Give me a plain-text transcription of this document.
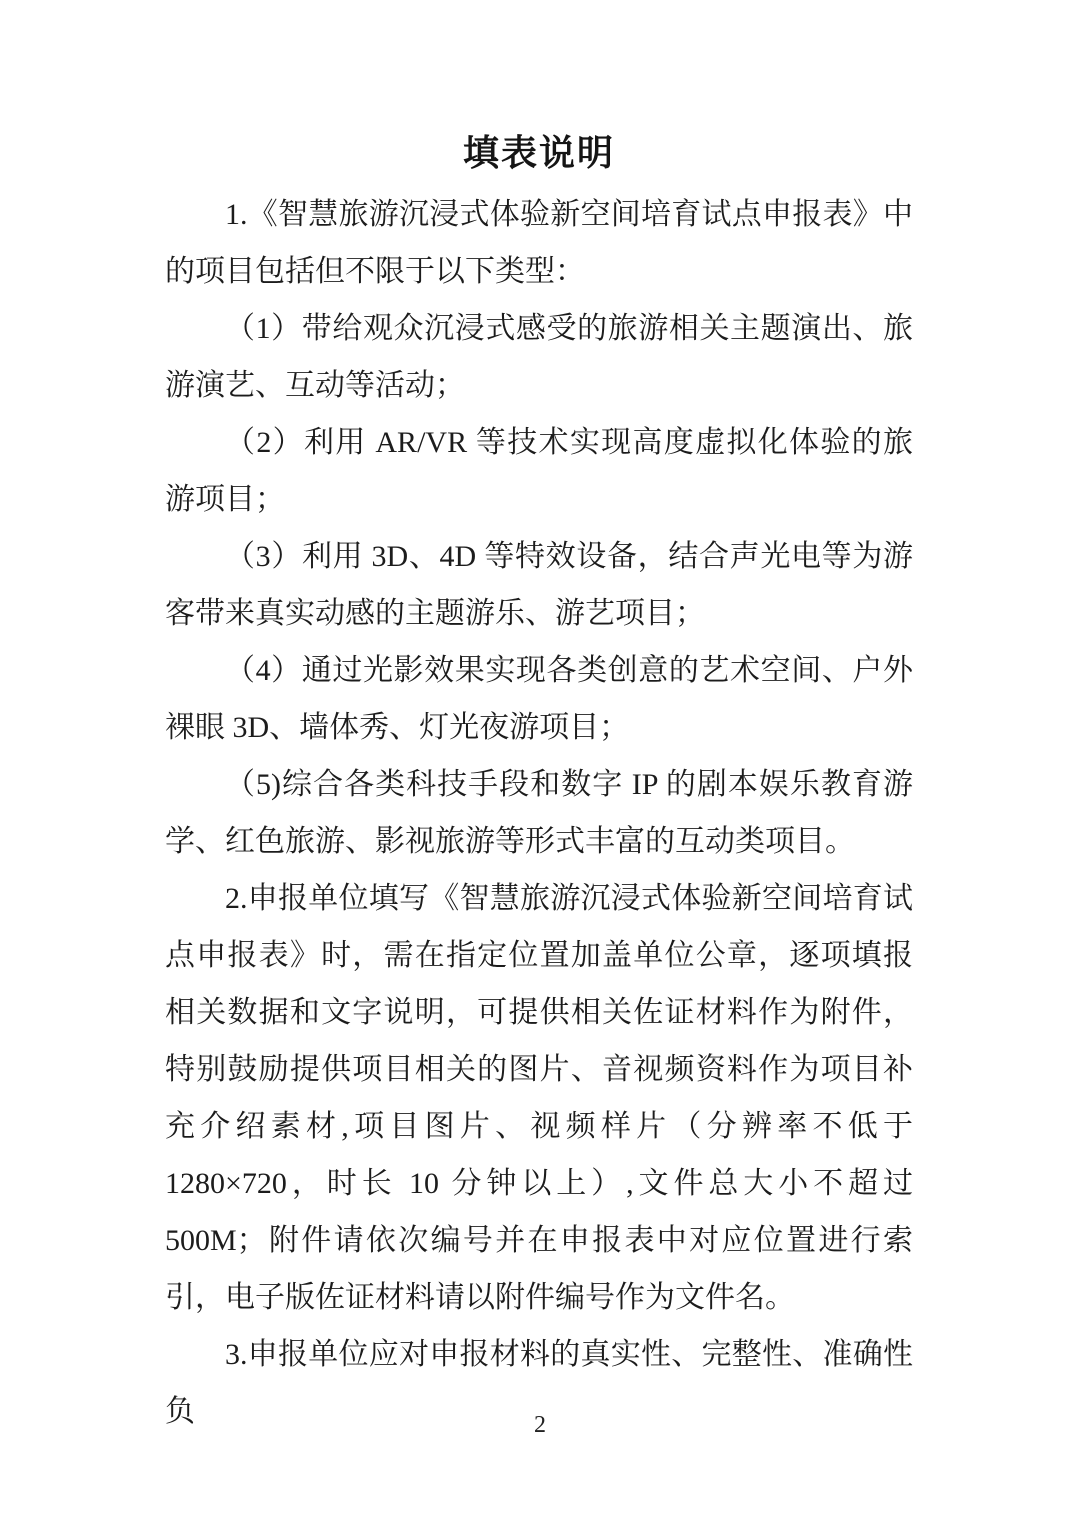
填表说明

1.《智慧旅游沉浸式体验新空间培育试点申报表》中的项目包括但不限于以下类型：

（1）带给观众沉浸式感受的旅游相关主题演出、旅游演艺、互动等活动；

（2）利用 AR/VR 等技术实现高度虚拟化体验的旅游项目；

（3）利用 3D、4D 等特效设备，结合声光电等为游客带来真实动感的主题游乐、游艺项目；

（4）通过光影效果实现各类创意的艺术空间、户外裸眼 3D、墙体秀、灯光夜游项目；

（5)综合各类科技手段和数字 IP 的剧本娱乐教育游学、红色旅游、影视旅游等形式丰富的互动类项目。

2.申报单位填写《智慧旅游沉浸式体验新空间培育试点申报表》时，需在指定位置加盖单位公章，逐项填报相关数据和文字说明，可提供相关佐证材料作为附件，特别鼓励提供项目相关的图片、音视频资料作为项目补充介绍素材,项目图片、视频样片（分辨率不低于 1280×720，时长 10 分钟以上）,文件总大小不超过 500M；附件请依次编号并在申报表中对应位置进行索引，电子版佐证材料请以附件编号作为文件名。

3.申报单位应对申报材料的真实性、完整性、准确性负	2
